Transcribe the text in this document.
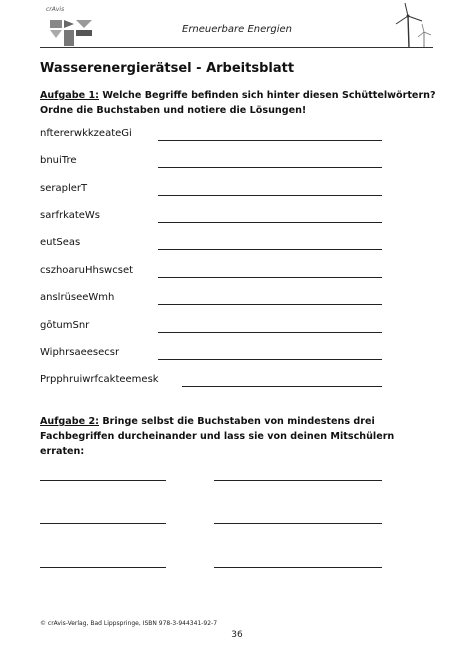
crAvis
Erneuerbare Energien
Wasserenergierätsel - Arbeitsblatt
Aufgabe 1: Welche Begriffe befinden sich hinter diesen Schüttelwörtern? Ordne die Buchstaben und notiere die Lösungen!
nftererwkkzeateGi
bnuiTre
seraplerT
sarfrkateWs
eutSeas
cszhoaruHhswcset
anslrüseeWmh
gōtumSnr
Wiphrsaeesecsr
Prpphruiwrfcakteemesk
Aufgabe 2: Bringe selbst die Buchstaben von mindestens drei Fachbegriffen durcheinander und lass sie von deinen Mitschülern erraten:
© crAvis-Verlag, Bad Lippspringe, ISBN 978-3-944341-92-7
36
